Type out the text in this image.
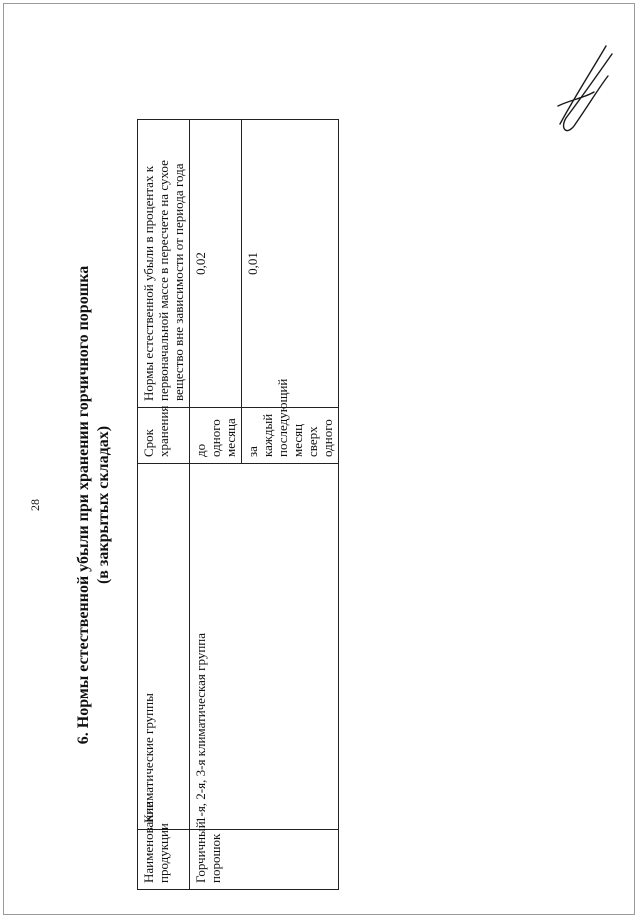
28 6. Нормы естественной убыли при хранении горчичного порошка (в закрытых складах)
Наименование продукции	Климатические группы	Срок хранения	Нормы естественной убыли в процентах к первоначальной массе в пересчете на сухое вещество вне зависимости от периода года
Горчичный порошок	1-я, 2-я, 3-я климатическая группа	до одного месяца	0,02
		за каждый последующий месяц сверх одного	0,01
